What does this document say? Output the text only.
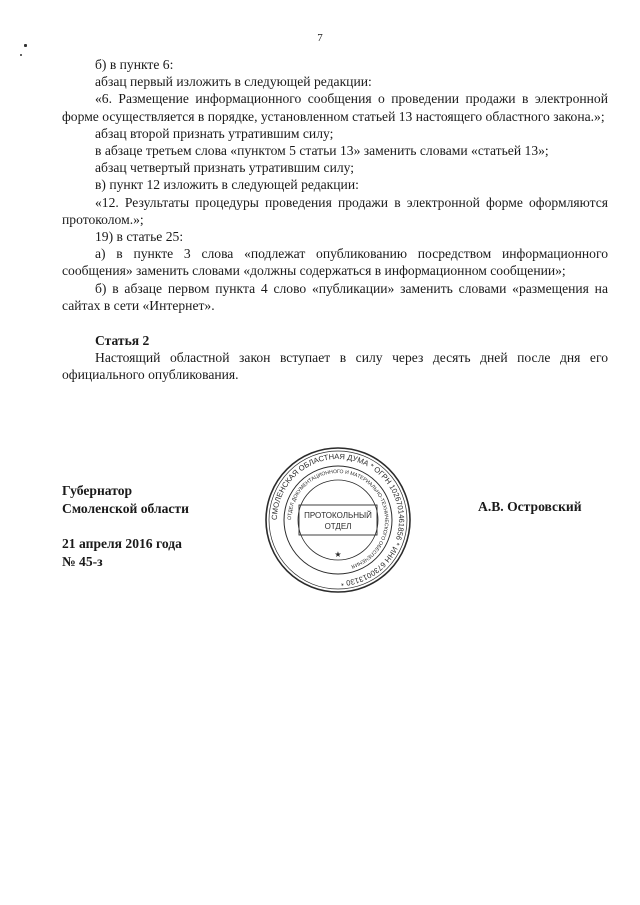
7

б) в пункте 6:

абзац первый изложить в следующей редакции:

«6. Размещение информационного сообщения о проведении продажи в электронной форме осуществляется в порядке, установленном статьей 13 настоящего областного закона.»;

абзац второй признать утратившим силу;

в абзаце третьем слова «пунктом 5 статьи 13» заменить словами «статьей 13»;

абзац четвертый признать утратившим силу;

в) пункт 12 изложить в следующей редакции:

«12. Результаты процедуры проведения продажи в электронной форме оформляются протоколом.»;

19) в статье 25:

а) в пункте 3 слова «подлежат опубликованию посредством информационного сообщения» заменить словами «должны содержаться в информационном сообщении»;

б) в абзаце первом пункта 4 слово «публикации» заменить словами «размещения на сайтах в сети «Интернет».

Статья 2

Настоящий областной закон вступает в силу через десять дней после дня его официального опубликования.

Губернатор
Смоленской области
21 апреля 2016 года
№ 45-з
А.В. Островский
СМОЛЕНСКАЯ ОБЛАСТНАЯ ДУМА * ОГРН 1026701461856 * ИНН 6730013130 *
ОТДЕЛ ДОКУМЕНТАЦИОННОГО И МАТЕРИАЛЬНО-ТЕХНИЧЕСКОГО ОБЕСПЕЧЕНИЯ
ПРОТОКОЛЬНЫЙ
ОТДЕЛ
★
